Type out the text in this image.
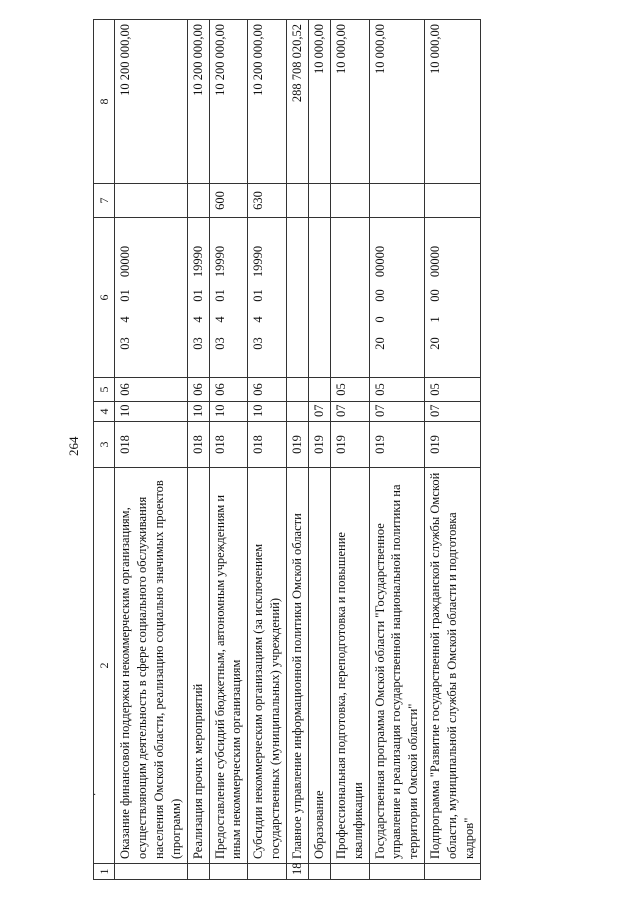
264
1	2	3	4	5	6	7	8
	Оказание финансовой поддержки некоммерческим организациям, осуществляющим деятельность в сфере социального обслуживания населения Омской области, реализацию социально значимых проектов (программ)	018	10	06	0340100000		10 200 000,00
	Реализация прочих мероприятий	018	10	06	0340119990		10 200 000,00
	Предоставление субсидий бюджетным, автономным учреждениям и иным некоммерческим организациям	018	10	06	0340119990	600	10 200 000,00
	Субсидии некоммерческим организациям (за исключением государственных (муниципальных) учреждений)	018	10	06	0340119990	630	10 200 000,00
18	Главное управление информационной политики Омской области	019					288 708 020,52
	Образование	019	07				10 000,00
	Профессиональная подготовка, переподготовка и повышение квалификации	019	07	05			10 000,00
	Государственная программа Омской области "Государственное управление и реализация государственной национальной политики на территории Омской области"	019	07	05	2000000000		10 000,00
	Подпрограмма "Развитие государственной гражданской службы Омской области, муниципальной службы в Омской области и подготовка кадров"	019	07	05	2010000000		10 000,00
·
